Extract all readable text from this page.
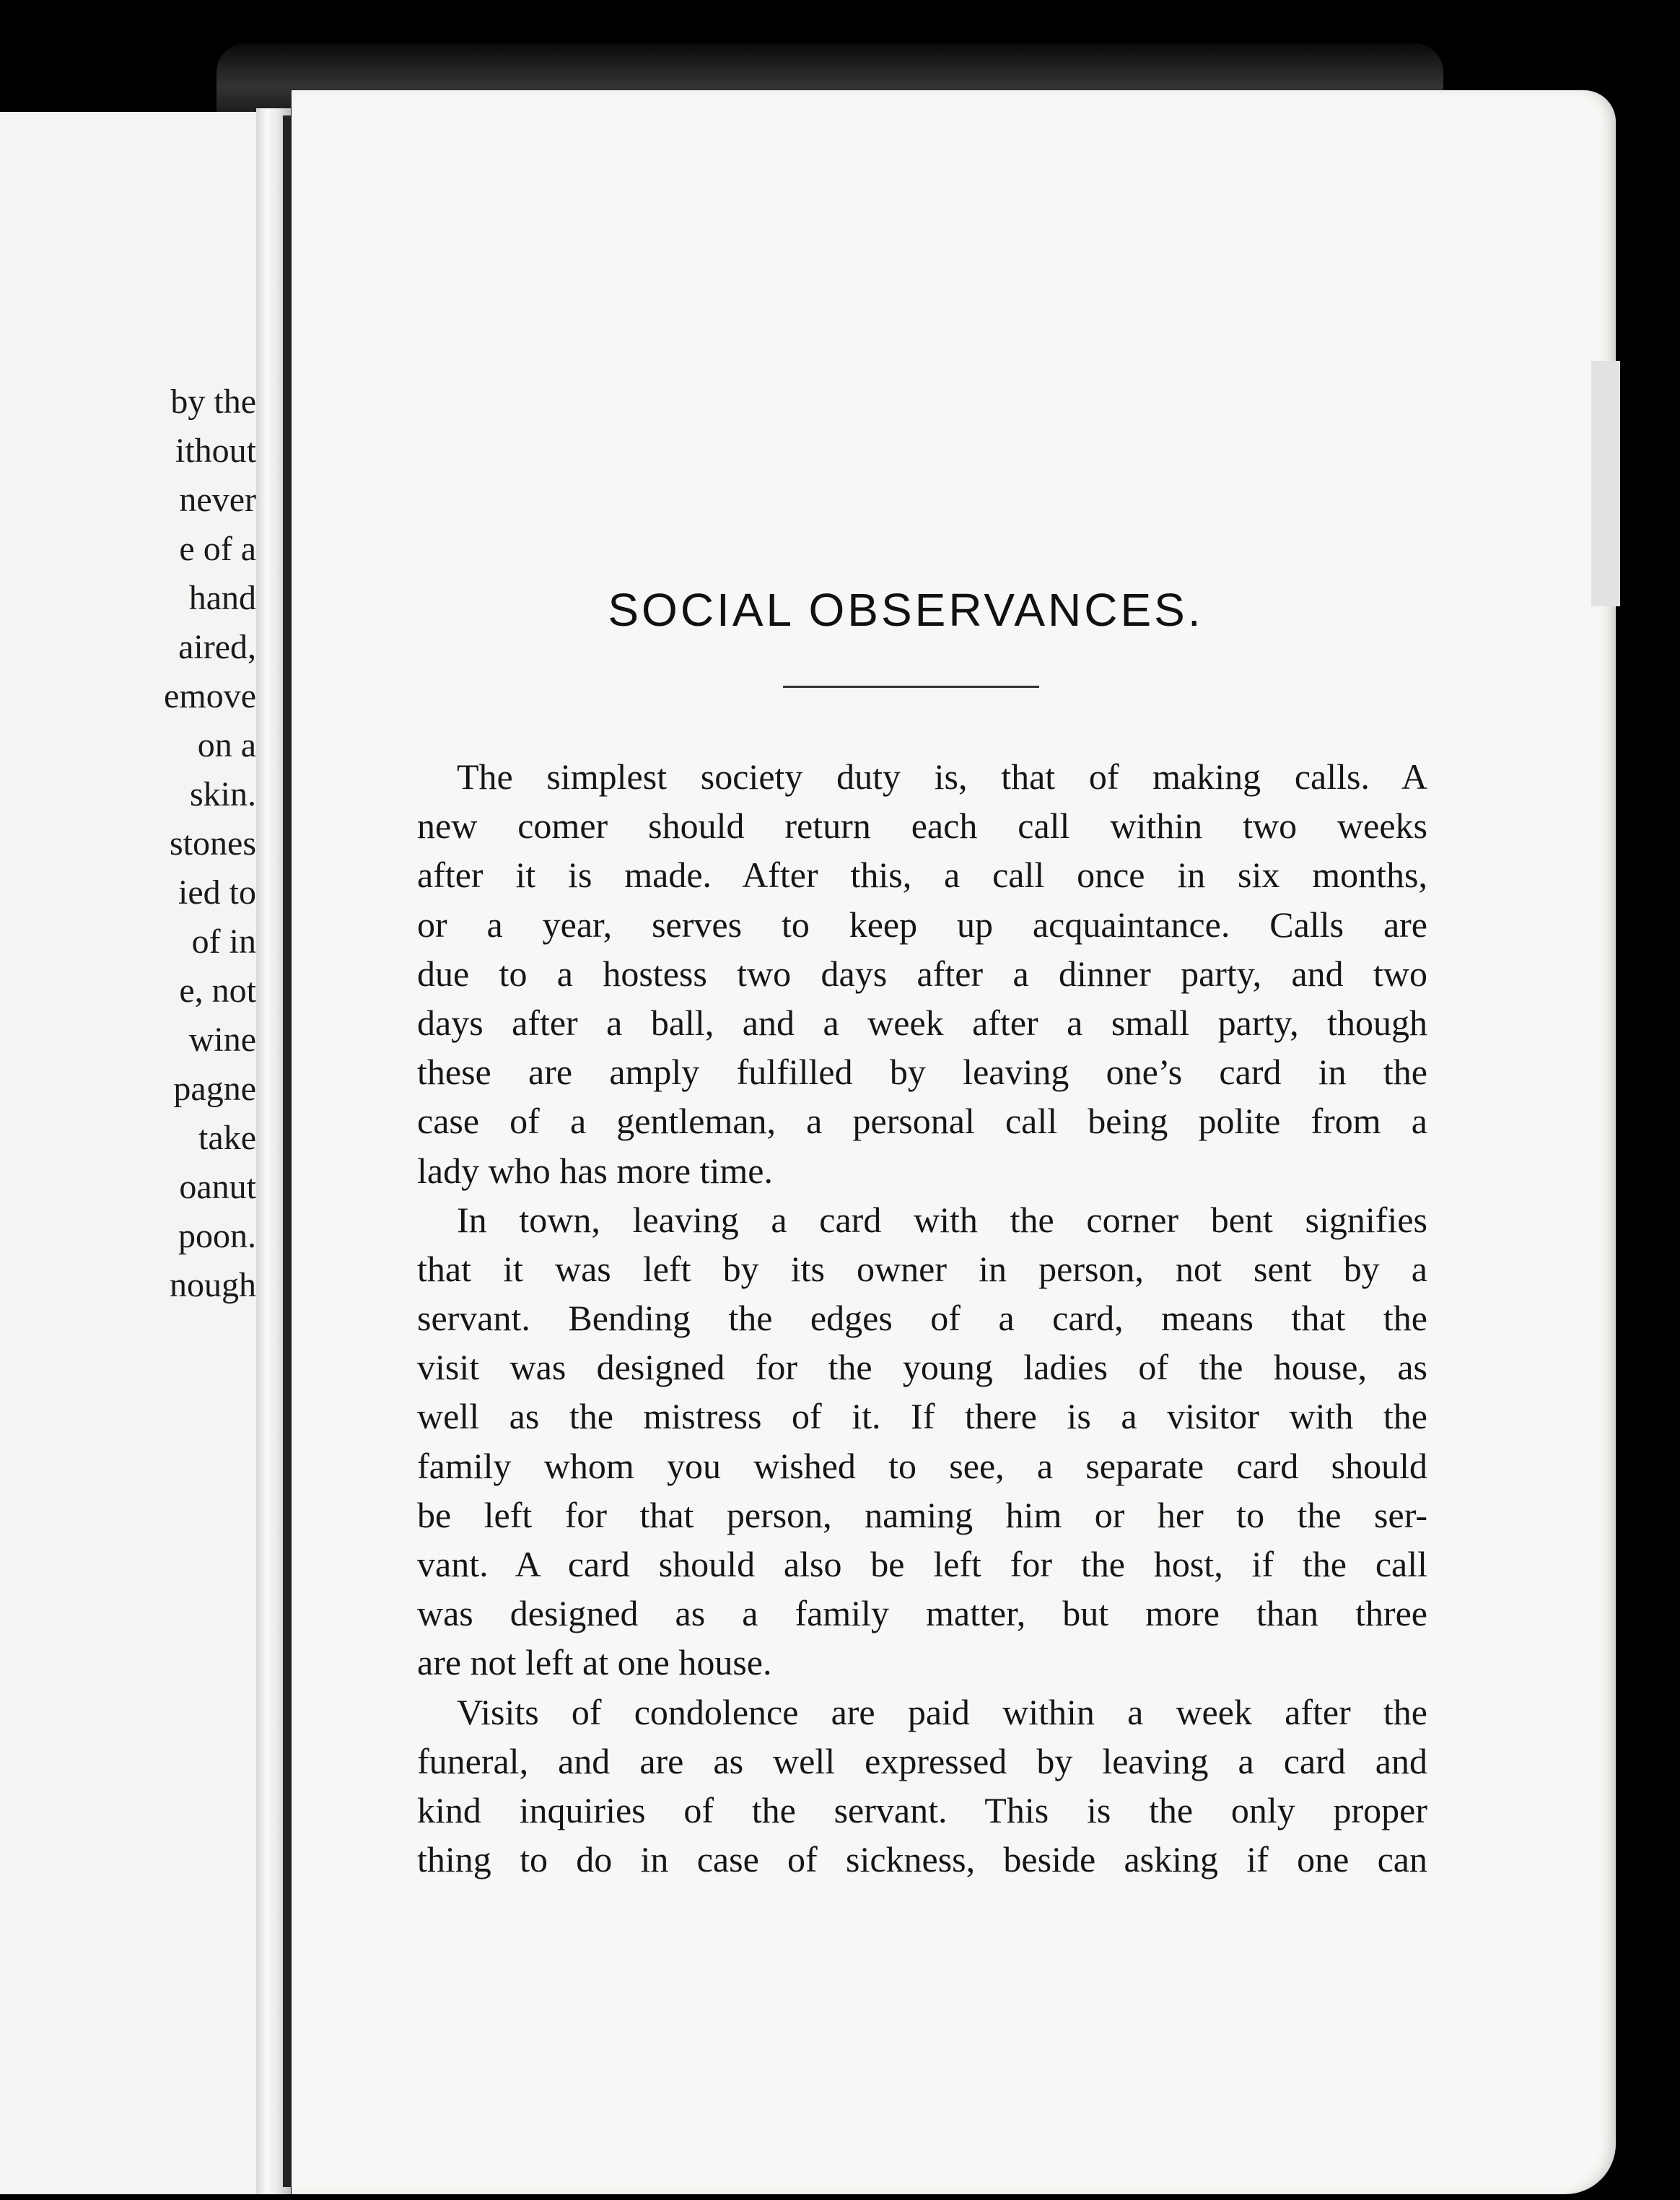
by the
ithout
never
e of a
hand
aired,
emove
on a
skin.
stones
ied to
of in
e, not
wine
pagne
take
oanut
poon.
nough
SOCIAL OBSERVANCES.
The simplest society duty is, that of making calls. A
new comer should return each call within two weeks
after it is made. After this, a call once in six months,
or a year, serves to keep up acquaintance. Calls are
due to a hostess two days after a dinner party, and two
days after a ball, and a week after a small party, though
these are amply fulfilled by leaving one’s card in the
case of a gentleman, a personal call being polite from a
lady who has more time.
In town, leaving a card with the corner bent signifies
that it was left by its owner in person, not sent by a
servant. Bending the edges of a card, means that the
visit was designed for the young ladies of the house, as
well as the mistress of it. If there is a visitor with the
family whom you wished to see, a separate card should
be left for that person, naming him or her to the ser-
vant. A card should also be left for the host, if the call
was designed as a family matter, but more than three
are not left at one house.
Visits of condolence are paid within a week after the
funeral, and are as well expressed by leaving a card and
kind inquiries of the servant. This is the only proper
thing to do in case of sickness, beside asking if one can
